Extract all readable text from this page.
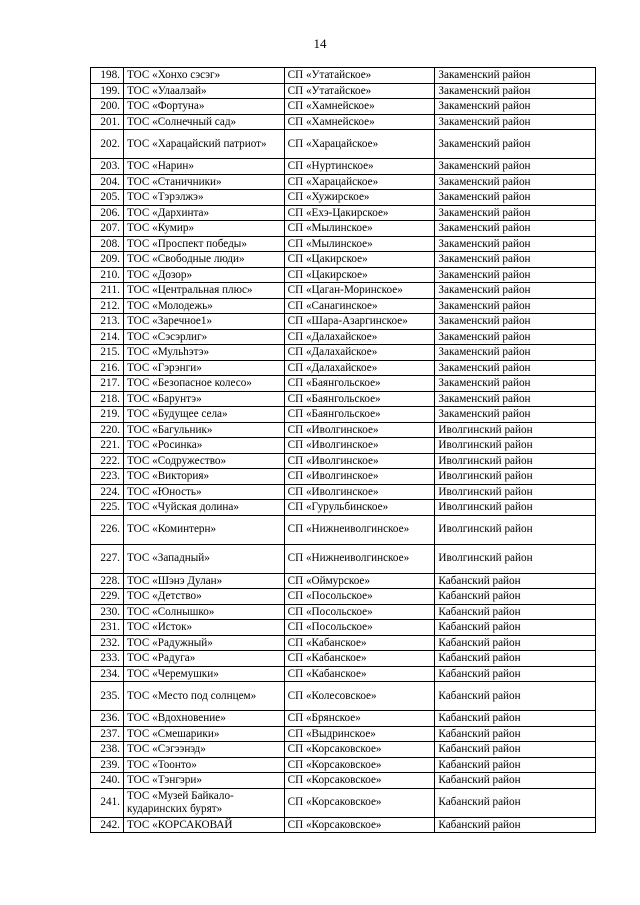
14
198.	ТОС «Хонхо сэсэг»	СП «Утатайское»	Закаменский район
199.	ТОС «Улаалзай»	СП «Утатайское»	Закаменский район
200.	ТОС «Фортуна»	СП «Хамнейское»	Закаменский район
201.	ТОС «Солнечный сад»	СП «Хамнейское»	Закаменский район
202.	ТОС «Харацайский патриот»	СП «Харацайское»	Закаменский район
203.	ТОС «Нарин»	СП «Нуртинское»	Закаменский район
204.	ТОС «Станичники»	СП «Харацайское»	Закаменский район
205.	ТОС «Тэрэлжэ»	СП «Хужирское»	Закаменский район
206.	ТОС «Дархинта»	СП «Ехэ-Цакирское»	Закаменский район
207.	ТОС «Кумир»	СП «Мылинское»	Закаменский район
208.	ТОС «Проспект победы»	СП «Мылинское»	Закаменский район
209.	ТОС «Свободные люди»	СП «Цакирское»	Закаменский район
210.	ТОС «Дозор»	СП «Цакирское»	Закаменский район
211.	ТОС «Центральная плюс»	СП «Цаган-Моринское»	Закаменский район
212.	ТОС «Молодежь»	СП «Санагинское»	Закаменский район
213.	ТОС «Заречное1»	СП «Шара-Азаргинское»	Закаменский район
214.	ТОС «Сэсэрлиг»	СП «Далахайское»	Закаменский район
215.	ТОС «Мульһэтэ»	СП «Далахайское»	Закаменский район
216.	ТОС «Гэрэнги»	СП «Далахайское»	Закаменский район
217.	ТОС «Безопасное колесо»	СП «Баянгольское»	Закаменский район
218.	ТОС «Барунтэ»	СП «Баянгольское»	Закаменский район
219.	ТОС «Будущее села»	СП «Баянгольское»	Закаменский район
220.	ТОС «Багульник»	СП «Иволгинское»	Иволгинский район
221.	ТОС «Росинка»	СП «Иволгинское»	Иволгинский район
222.	ТОС «Содружество»	СП «Иволгинское»	Иволгинский район
223.	ТОС «Виктория»	СП «Иволгинское»	Иволгинский район
224.	ТОС «Юность»	СП «Иволгинское»	Иволгинский район
225.	ТОС «Чуйская долина»	СП «Гурульбинское»	Иволгинский район
226.	ТОС «Коминтерн»	СП «Нижнеиволгинское»	Иволгинский район
227.	ТОС «Западный»	СП «Нижнеиволгинское»	Иволгинский район
228.	ТОС «Шэнэ Дулан»	СП «Оймурское»	Кабанский район
229.	ТОС «Детство»	СП «Посольское»	Кабанский район
230.	ТОС «Солнышко»	СП «Посольское»	Кабанский район
231.	ТОС «Исток»	СП «Посольское»	Кабанский район
232.	ТОС «Радужный»	СП «Кабанское»	Кабанский район
233.	ТОС «Радуга»	СП «Кабанское»	Кабанский район
234.	ТОС «Черемушки»	СП «Кабанское»	Кабанский район
235.	ТОС «Место под солнцем»	СП «Колесовское»	Кабанский район
236.	ТОС «Вдохновение»	СП «Брянское»	Кабанский район
237.	ТОС «Смешарики»	СП «Выдринское»	Кабанский район
238.	ТОС «Сэгээнэд»	СП «Корсаковское»	Кабанский район
239.	ТОС «Тоонто»	СП «Корсаковское»	Кабанский район
240.	ТОС «Тэнгэри»	СП «Корсаковское»	Кабанский район
241.	ТОС «Музей Байкало-кударинских бурят»	СП «Корсаковское»	Кабанский район
242.	ТОС «КОРСАКОВАЙ	СП «Корсаковское»	Кабанский район
